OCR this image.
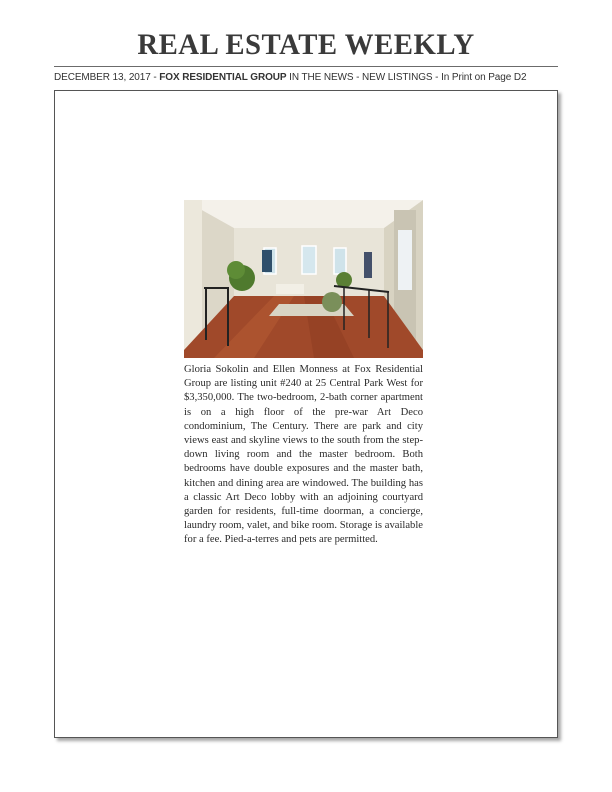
REAL ESTATE WEEKLY
DECEMBER 13, 2017 - FOX RESIDENTIAL GROUP IN THE NEWS - NEW LISTINGS - In Print on Page D2

Gloria Sokolin and Ellen Monness at Fox Residential Group are listing unit #240 at 25 Central Park West for $3,350,000. The two-bedroom, 2-bath corner apartment is on a high floor of the pre-war Art Deco condominium, The Century. There are park and city views east and skyline views to the south from the step-down living room and the master bedroom. Both bedrooms have double exposures and the master bath, kitchen and dining area are windowed. The building has a classic Art Deco lobby with an adjoining courtyard garden for residents, full-time doorman, a concierge, laundry room, valet, and bike room. Storage is available for a fee. Pied-a-terres and pets are permitted.
